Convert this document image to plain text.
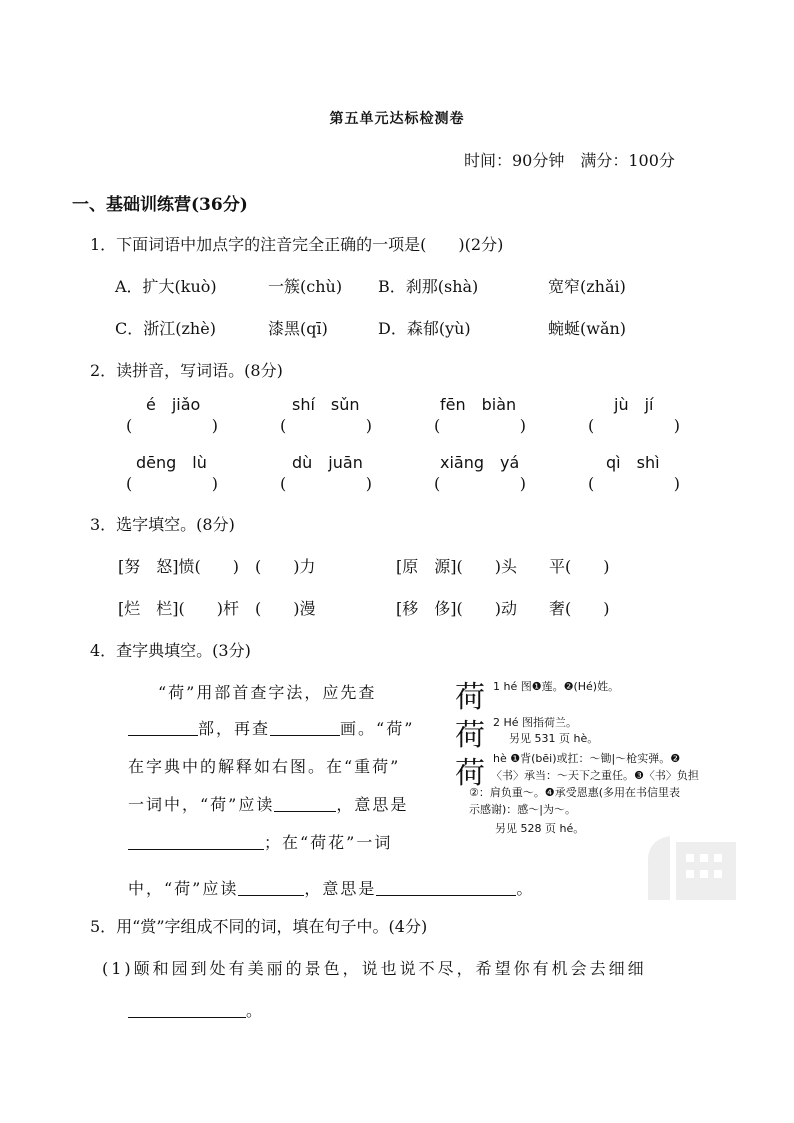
第五单元达标检测卷
时间：90分钟　满分：100分
一、基础训练营(36分)
1．下面词语中加点字的注音完全正确的一项是(　　)(2分)
A．扩大(kuò)	一簇(chù) B．刹那(shà)	宽窄(zhǎi)
C．浙江(zhè)	漆黑(qī)	D．森郁(yù)	蜿蜒(wǎn)
2．读拼音，写词语。(8分)
é　jiǎo	shí　sǔn	fēn　biàn	jù　jí
(	)	(	)	(	)	(	)
dēng　lù	dù　juān	xiāng　yá	qì　shì
(	)	(	)	(	)	(	)
3．选字填空。(8分)
[努　怒]愤(　　)　(　　)力	[原　源](　　)头　　平(　　)
[烂　栏](　　)杆　(　　)漫	[移　侈](　　)动　　奢(　　)
4．查字典填空。(3分)
“荷”用部首查字法，应先查
部，再查	画。“荷”
在字典中的解释如右图。在“重荷”
一词中，“荷”应读	，意思是
；在“荷花”一词
中，“荷”应读	，意思是	。
荷 1 hé 图❶莲。❷(Hé)姓。
荷 2 Hé 图指荷兰。
另见 531 页 hè。
荷 hè ❶背(bēi)或扛：～锄|～枪实弹。❷
〈书〉承当：～天下之重任。❸〈书〉负担
②：肩负重～。❹承受恩惠(多用在书信里表
示感谢)：感～|为～。
另见 528 页 hé。
5．用“赏”字组成不同的词，填在句子中。(4分)
(1)颐和园到处有美丽的景色，说也说不尽，希望你有机会去细细
。
